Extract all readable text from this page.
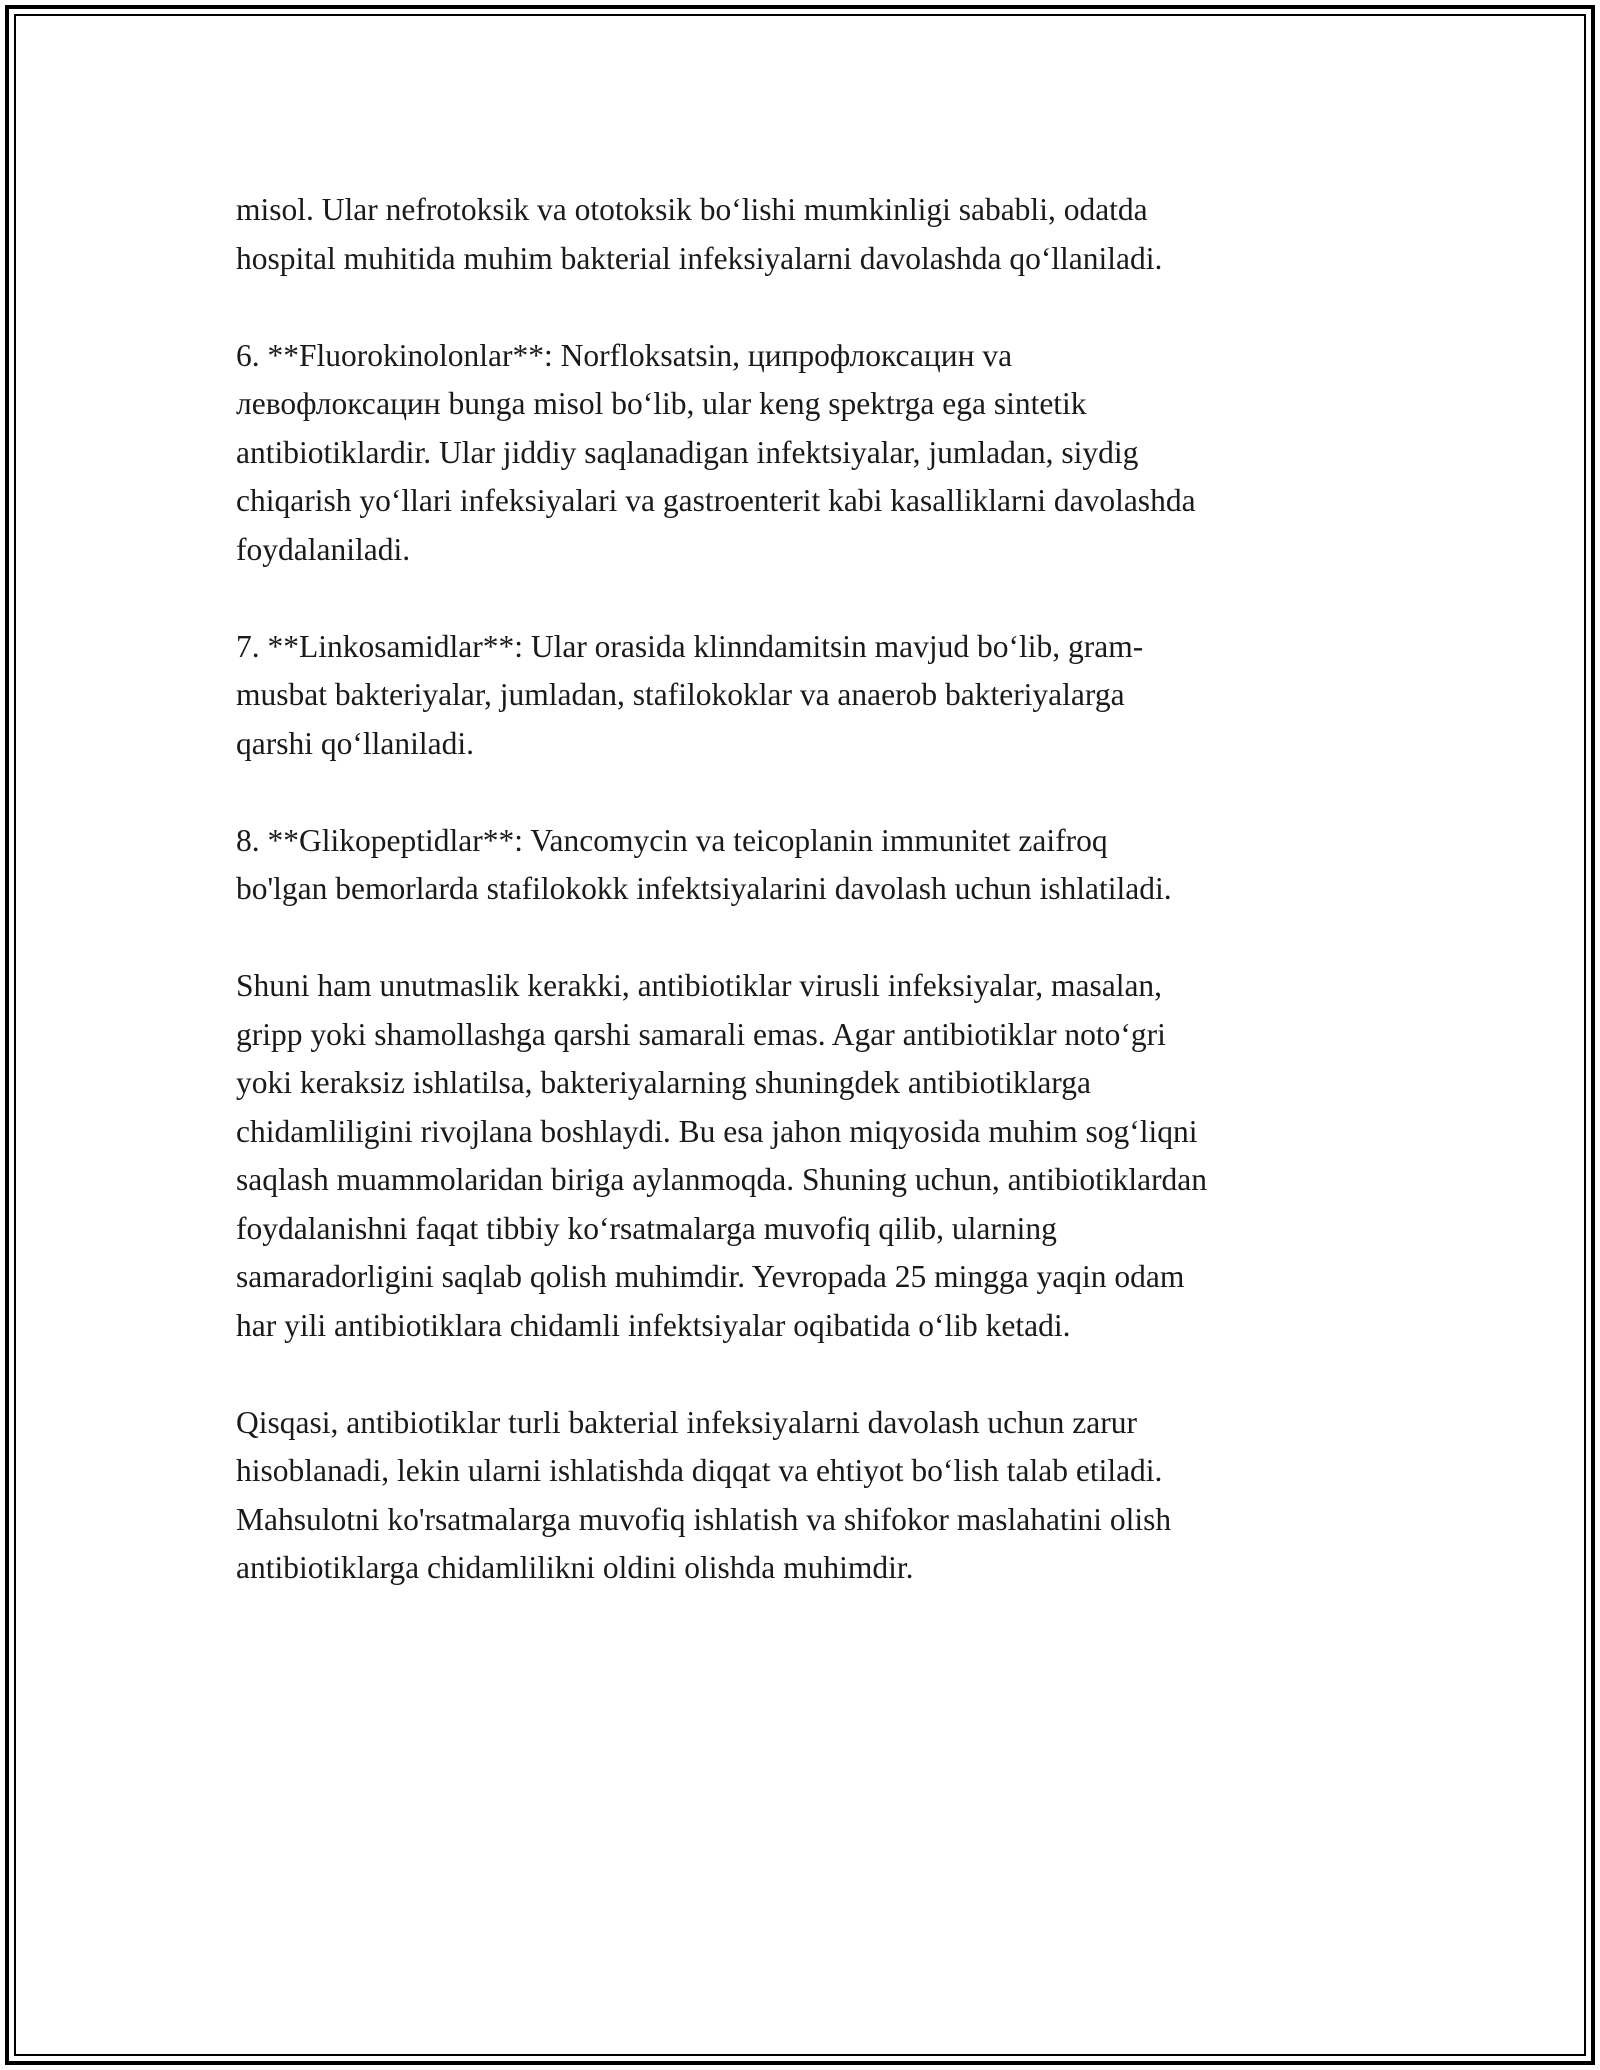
misol. Ular nefrotoksik va ototoksik bo‘lishi mumkinligi sababli, odatda
hospital muhitida muhim bakterial infeksiyalarni davolashda qo‘llaniladi.

6. **Fluorokinolonlar**: Norfloksatsin, ципрофлоксацин va
левофлоксацин bunga misol bo‘lib, ular keng spektrga ega sintetik
antibiotiklardir. Ular jiddiy saqlanadigan infektsiyalar, jumladan, siydig
chiqarish yo‘llari infeksiyalari va gastroenterit kabi kasalliklarni davolashda
foydalaniladi.

7. **Linkosamidlar**: Ular orasida klinndamitsin mavjud bo‘lib, gram-
musbat bakteriyalar, jumladan, stafilokoklar va anaerob bakteriyalarga
qarshi qo‘llaniladi.

8. **Glikopeptidlar**: Vancomycin va teicoplanin immunitet zaifroq
bo'lgan bemorlarda stafilokokk infektsiyalarini davolash uchun ishlatiladi.

Shuni ham unutmaslik kerakki, antibiotiklar virusli infeksiyalar, masalan,
gripp yoki shamollashga qarshi samarali emas. Agar antibiotiklar noto‘gri
yoki keraksiz ishlatilsa, bakteriyalarning shuningdek antibiotiklarga
chidamliligini rivojlana boshlaydi. Bu esa jahon miqyosida muhim sog‘liqni
saqlash muammolaridan biriga aylanmoqda. Shuning uchun, antibiotiklardan
foydalanishni faqat tibbiy ko‘rsatmalarga muvofiq qilib, ularning
samaradorligini saqlab qolish muhimdir. Yevropada 25 mingga yaqin odam
har yili antibiotiklara chidamli infektsiyalar oqibatida o‘lib ketadi.

Qisqasi, antibiotiklar turli bakterial infeksiyalarni davolash uchun zarur
hisoblanadi, lekin ularni ishlatishda diqqat va ehtiyot bo‘lish talab etiladi.
Mahsulotni ko'rsatmalarga muvofiq ishlatish va shifokor maslahatini olish
antibiotiklarga chidamlilikni oldini olishda muhimdir.
